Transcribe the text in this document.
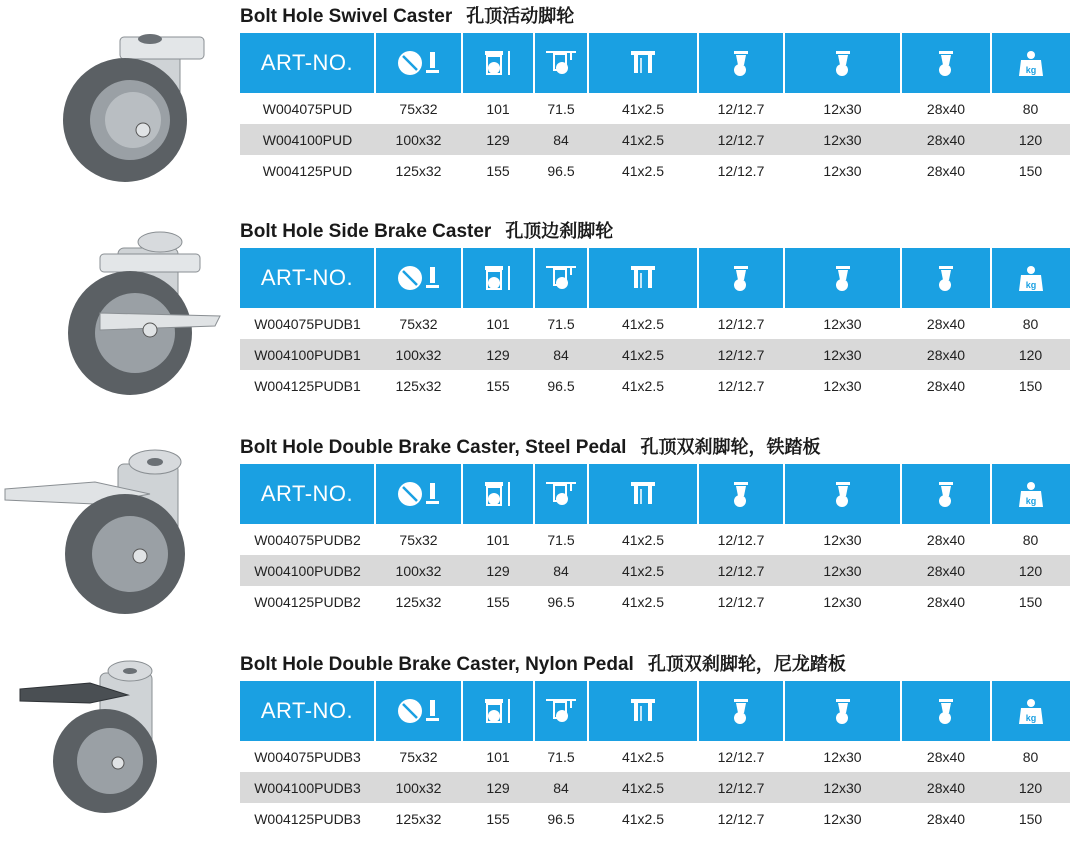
Bolt Hole Swivel Caster 孔顶活动脚轮
ART-NO.								kg

W004075PUD	75x32	101	71.5	41x2.5	12/12.7	12x30	28x40	80
W004100PUD	100x32	129	84	41x2.5	12/12.7	12x30	28x40	120
W004125PUD	125x32	155	96.5	41x2.5	12/12.7	12x30	28x40	150
Bolt Hole Side Brake Caster 孔顶边刹脚轮
ART-NO.								kg

W004075PUDB1	75x32	101	71.5	41x2.5	12/12.7	12x30	28x40	80
W004100PUDB1	100x32	129	84	41x2.5	12/12.7	12x30	28x40	120
W004125PUDB1	125x32	155	96.5	41x2.5	12/12.7	12x30	28x40	150
Bolt Hole Double Brake Caster, Steel Pedal 孔顶双刹脚轮，铁踏板
ART-NO.								kg

W004075PUDB2	75x32	101	71.5	41x2.5	12/12.7	12x30	28x40	80
W004100PUDB2	100x32	129	84	41x2.5	12/12.7	12x30	28x40	120
W004125PUDB2	125x32	155	96.5	41x2.5	12/12.7	12x30	28x40	150
Bolt Hole Double Brake Caster, Nylon Pedal 孔顶双刹脚轮，尼龙踏板
ART-NO.								kg

W004075PUDB3	75x32	101	71.5	41x2.5	12/12.7	12x30	28x40	80
W004100PUDB3	100x32	129	84	41x2.5	12/12.7	12x30	28x40	120
W004125PUDB3	125x32	155	96.5	41x2.5	12/12.7	12x30	28x40	150
